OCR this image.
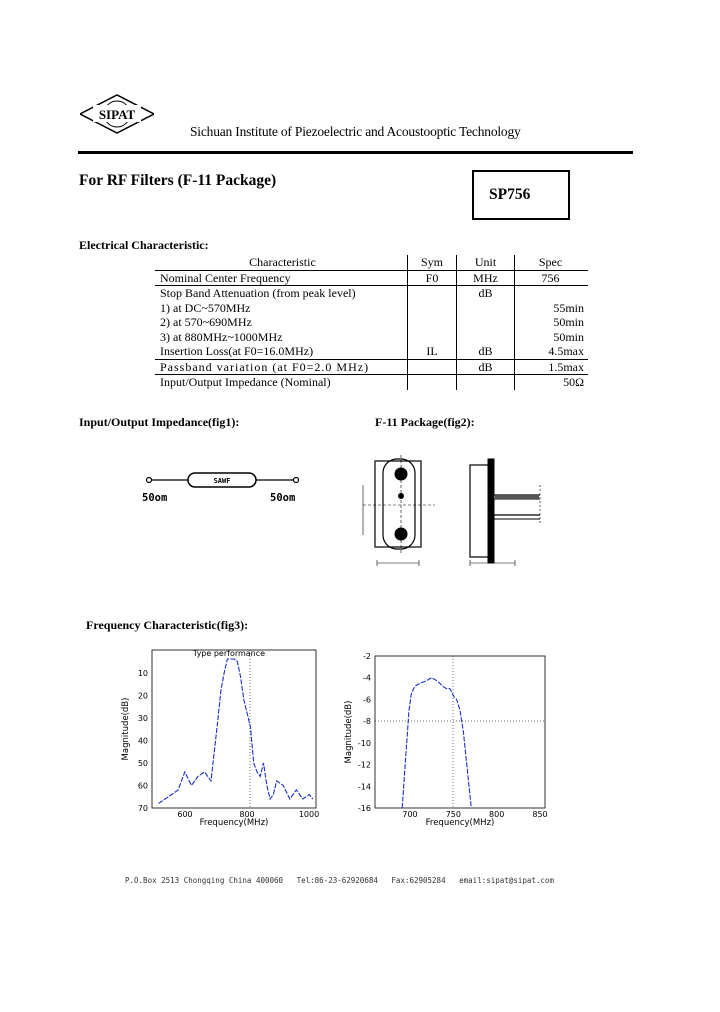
SIPAT
Sichuan Institute of Piezoelectric and Acoustooptic Technology
For RF Filters (F-11 Package)
SP756
Electrical Characteristic:
Characteristic	Sym	Unit	Spec
Nominal Center Frequency	F0	MHz	756
Stop Band Attenuation (from peak level)		dB	
1) at DC~570MHz			55min
2) at 570~690MHz			50min
3) at 880MHz~1000MHz			50min
Insertion Loss(at F0=16.0MHz)	IL	dB	4.5max
Passband variation (at F0=2.0 MHz)		dB	1.5max
Input/Output Impedance (Nominal)			50Ω
Input/Output Impedance(fig1):	F-11 Package(fig2):
SAWF
50om	50om
Frequency Characteristic(fig3):
Type performance
10
20
30
40
50
60
70
600	800	1000
Frequency(MHz)
Magnitude(dB)
-2
-4
-6
-8
-10
-12
-14
-16
700	750	800	850
Frequency(MHz)
Magnitude(dB)
P.O.Box 2513 Chongqing China 400060   Tel:86-23-62920684   Fax:62905284   email:sipat@sipat.com
